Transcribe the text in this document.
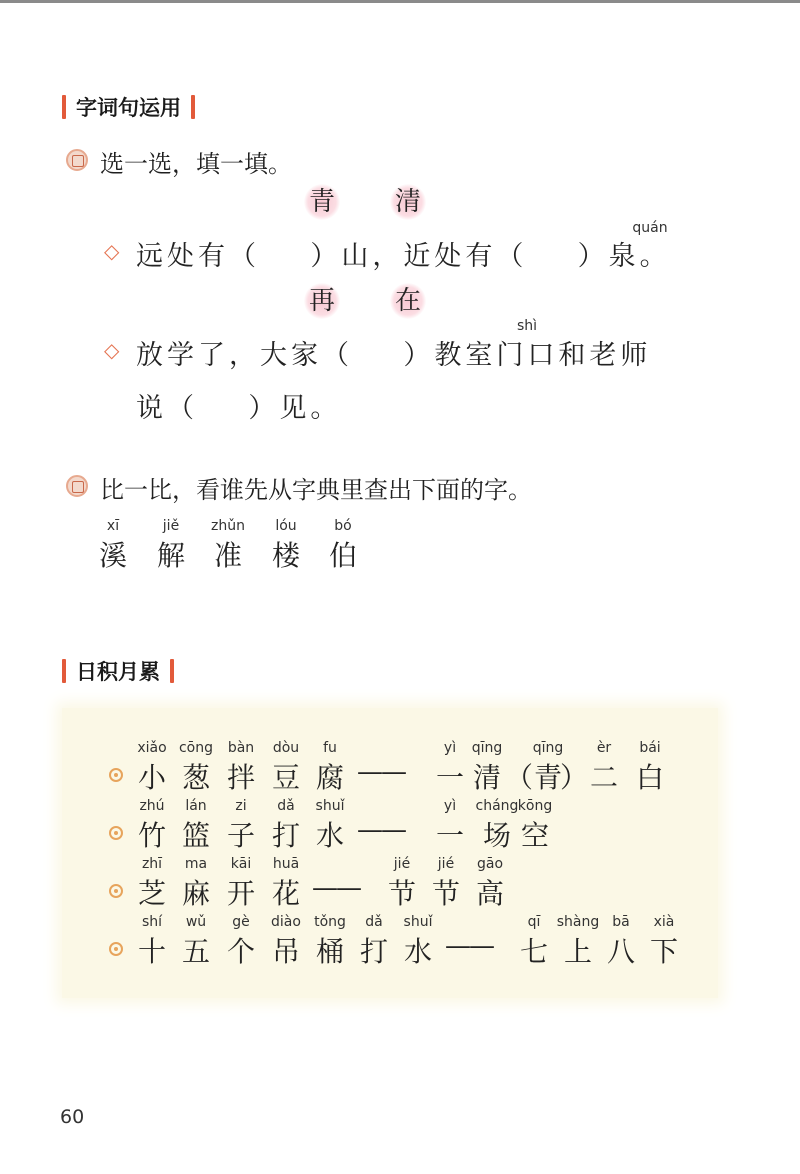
字词句运用
选一选，填一填。
青 清
quán
◇ 远处有（    ）山，近处有（    ）泉。
再 在
shì
◇ 放学了，大家（    ）教室门口和老师
说（    ）见。
比一比，看谁先从字典里查出下面的字。
xī
溪
jiě
解
zhǔn
准
lóu
楼
bó
伯
日积月累
xiǎo
小
cōng
葱
bàn
拌
dòu
豆
fu
腐 ——
yì
一
qīng
清 （
qīng
青
）
èr
二
bái
白
zhú
竹
lán
篮
zi
子
dǎ
打
shuǐ
水 ——
yì
一
cháng
场
kōng
空
zhī
芝
ma
麻
kāi
开
huā
花 ——
jié
节
jié
节
gāo
高
shí
十
wǔ
五
gè
个
diào
吊
tǒng
桶
dǎ
打
shuǐ
水 ——
qī
七
shàng
上
bā
八
xià
下
60
